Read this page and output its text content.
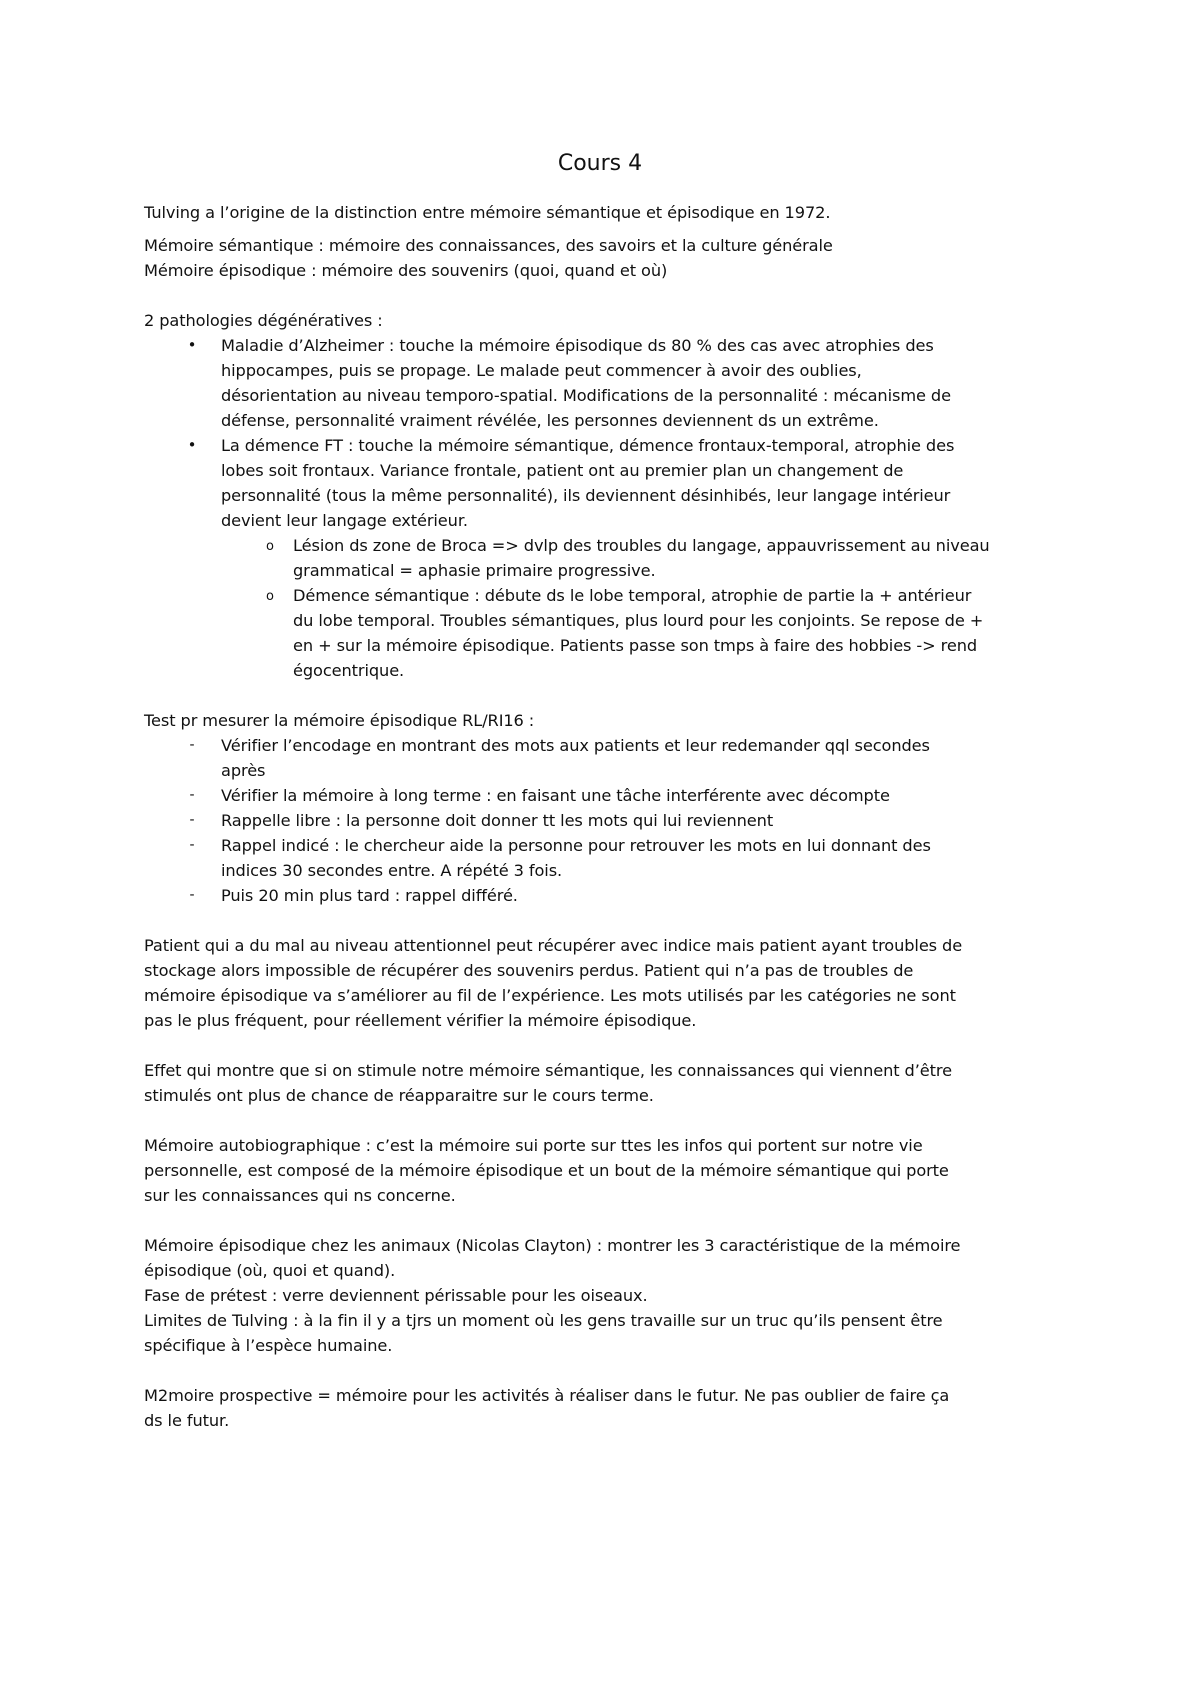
Cours 4

Tulving a l’origine de la distinction entre mémoire sémantique et épisodique en 1972.

Mémoire sémantique : mémoire des connaissances, des savoirs et la culture générale

Mémoire épisodique : mémoire des souvenirs (quoi, quand et où)

2 pathologies dégénératives :

• Maladie d’Alzheimer : touche la mémoire épisodique ds 80 % des cas avec atrophies des

hippocampes, puis se propage. Le malade peut commencer à avoir des oublies,

désorientation au niveau temporo-spatial. Modifications de la personnalité : mécanisme de

défense, personnalité vraiment révélée, les personnes deviennent ds un extrême.

• La démence FT : touche la mémoire sémantique, démence frontaux-temporal, atrophie des

lobes soit frontaux. Variance frontale, patient ont au premier plan un changement de

personnalité (tous la même personnalité), ils deviennent désinhibés, leur langage intérieur

devient leur langage extérieur.

o Lésion ds zone de Broca => dvlp des troubles du langage, appauvrissement au niveau

grammatical = aphasie primaire progressive.

o Démence sémantique : débute ds le lobe temporal, atrophie de partie la + antérieur

du lobe temporal. Troubles sémantiques, plus lourd pour les conjoints. Se repose de +

en + sur la mémoire épisodique. Patients passe son tmps à faire des hobbies -> rend

égocentrique.

Test pr mesurer la mémoire épisodique RL/RI16 :

-	Vérifier l’encodage en montrant des mots aux patients et leur redemander qql secondes

après

-	Vérifier la mémoire à long terme : en faisant une tâche interférente avec décompte

-	Rappelle libre : la personne doit donner tt les mots qui lui reviennent

-	Rappel indicé : le chercheur aide la personne pour retrouver les mots en lui donnant des

indices 30 secondes entre. A répété 3 fois.

-	Puis 20 min plus tard : rappel différé.

Patient qui a du mal au niveau attentionnel peut récupérer avec indice mais patient ayant troubles de

stockage alors impossible de récupérer des souvenirs perdus. Patient qui n’a pas de troubles de

mémoire épisodique va s’améliorer au fil de l’expérience. Les mots utilisés par les catégories ne sont

pas le plus fréquent, pour réellement vérifier la mémoire épisodique.

Effet qui montre que si on stimule notre mémoire sémantique, les connaissances qui viennent d’être

stimulés ont plus de chance de réapparaitre sur le cours terme.

Mémoire autobiographique : c’est la mémoire sui porte sur ttes les infos qui portent sur notre vie

personnelle, est composé de la mémoire épisodique et un bout de la mémoire sémantique qui porte

sur les connaissances qui ns concerne.

Mémoire épisodique chez les animaux (Nicolas Clayton) : montrer les 3 caractéristique de la mémoire

épisodique (où, quoi et quand).

Fase de prétest : verre deviennent périssable pour les oiseaux.

Limites de Tulving : à la fin il y a tjrs un moment où les gens travaille sur un truc qu’ils pensent être

spécifique à l’espèce humaine.

M2moire prospective = mémoire pour les activités à réaliser dans le futur. Ne pas oublier de faire ça

ds le futur.
